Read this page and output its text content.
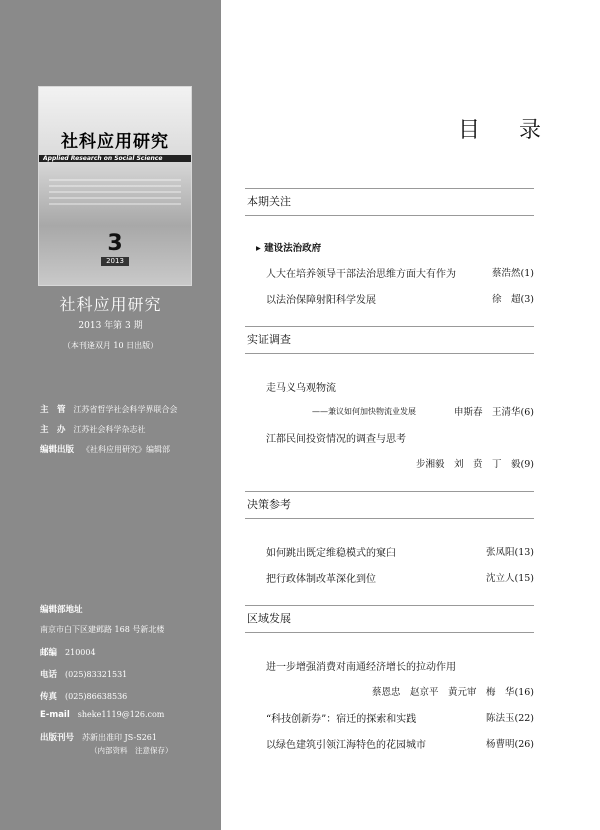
社科应用研究
Applied Research on Social Science
3
2013
社科应用研究
2013 年第 3 期
（本刊逢双月 10 日出版）
主　管 江苏省哲学社会科学界联合会
主　办 江苏社会科学杂志社
编辑出版 《社科应用研究》编辑部
编辑部地址
南京市白下区建邺路 168 号新北楼
邮编 210004
电话 (025)83321531
传真 (025)86638536
E-mail sheke1119@126.com
出版刊号 苏新出准印 JS-S261
（内部资料　注意保存）
目 录
本期关注
▸ 建设法治政府
人大在培养领导干部法治思维方面大有作为	蔡浩然(1)
以法治保障射阳科学发展	徐　超(3)
实证调查
走马义乌观物流
——兼议如何加快物流业发展	申斯春　王清华(6)
江都民间投资情况的调查与思考
步湘毅　刘　贲　丁　毅(9)
决策参考
如何跳出既定维稳模式的窠臼	张凤阳(13)
把行政体制改革深化到位	沈立人(15)
区域发展
进一步增强消费对南通经济增长的拉动作用
蔡恩忠　赵京平　黄元审　梅　华(16)
“科技创新券”：宿迁的探索和实践	陈法玉(22)
以绿色建筑引领江海特色的花园城市	杨曹明(26)
